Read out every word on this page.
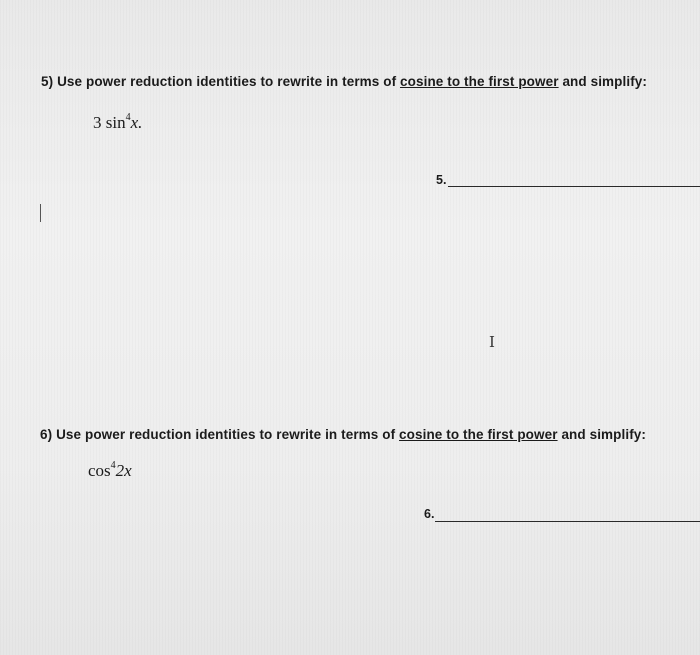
5) Use power reduction identities to rewrite in terms of cosine to the first power and simplify:
3 $\sin^4x$.
5.
I
6) Use power reduction identities to rewrite in terms of cosine to the first power and simplify:
$\cos^42x$
6.
